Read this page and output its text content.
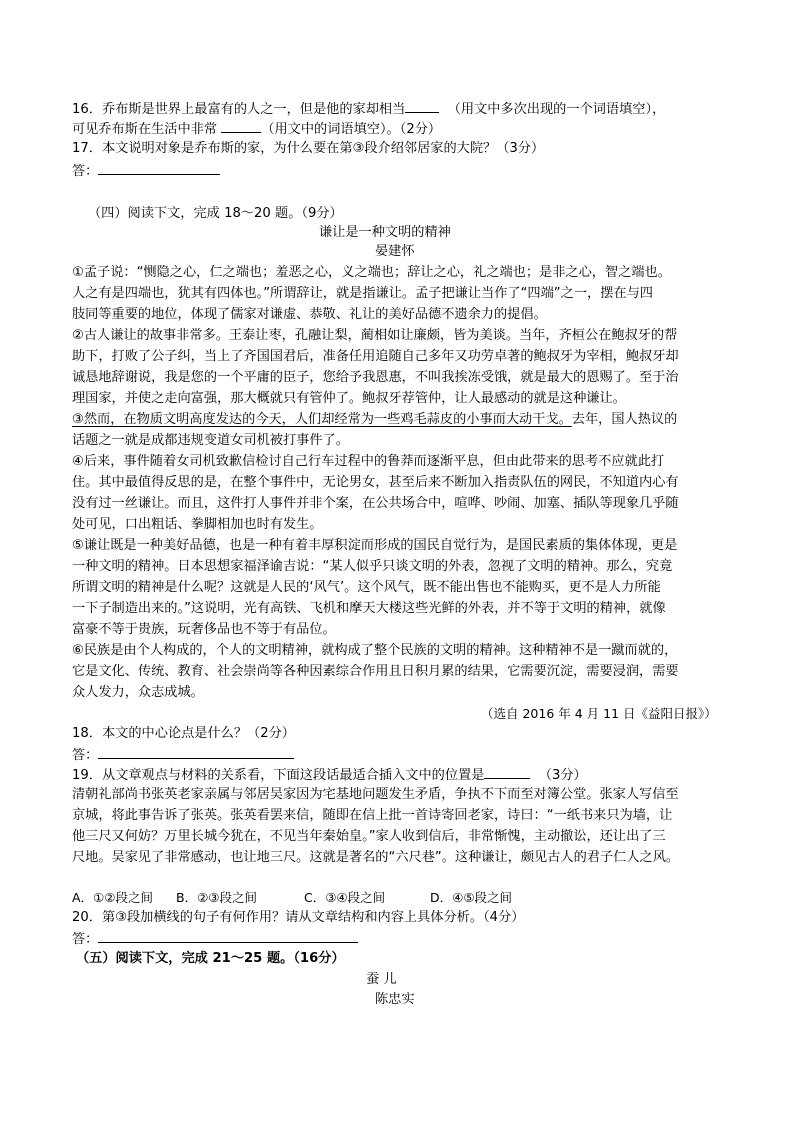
16．乔布斯是世界上最富有的人之一，但是他的家却相当	（用文中多次出现的一个词语填空），
可见乔布斯在生活中非常	（用文中的词语填空）。（2分）
17．本文说明对象是乔布斯的家，为什么要在第③段介绍邻居家的大院？（3分）
答：
（四）阅读下文，完成 18～20 题。（9分）
谦让是一种文明的精神
晏建怀
①孟子说：“恻隐之心，仁之端也；羞恶之心，义之端也；辞让之心，礼之端也；是非之心，智之端也。
人之有是四端也，犹其有四体也。”所谓辞让，就是指谦让。孟子把谦让当作了“四端”之一，摆在与四
肢同等重要的地位，体现了儒家对谦虚、恭敬、礼让的美好品德不遗余力的提倡。
②古人谦让的故事非常多。王泰让枣，孔融让梨，蔺相如让廉颇，皆为美谈。当年，齐桓公在鲍叔牙的帮
助下，打败了公子纠，当上了齐国国君后，准备任用追随自己多年又功劳卓著的鲍叔牙为宰相，鲍叔牙却
诚恳地辞谢说，我是您的一个平庸的臣子，您给予我恩惠，不叫我挨冻受饿，就是最大的恩赐了。至于治
理国家，并使之走向富强，那大概就只有管仲了。鲍叔牙荐管仲，让人最感动的就是这种谦让。
③然而，在物质文明高度发达的今天，人们却经常为一些鸡毛蒜皮的小事而大动干戈。去年，国人热议的
话题之一就是成都违规变道女司机被打事件了。
④后来，事件随着女司机致歉信检讨自己行车过程中的鲁莽而逐渐平息，但由此带来的思考不应就此打
住。其中最值得反思的是，在整个事件中，无论男女，甚至后来不断加入指责队伍的网民，不知道内心有
没有过一丝谦让。而且，这件打人事件并非个案，在公共场合中，喧哗、吵闹、加塞、插队等现象几乎随
处可见，口出粗话、拳脚相加也时有发生。
⑤谦让既是一种美好品德，也是一种有着丰厚积淀而形成的国民自觉行为，是国民素质的集体体现，更是
一种文明的精神。日本思想家福泽谕吉说：“某人似乎只谈文明的外表，忽视了文明的精神。那么，究竟
所谓文明的精神是什么呢？这就是人民的‘风气’。这个风气，既不能出售也不能购买，更不是人力所能
一下子制造出来的。”这说明，光有高铁、飞机和摩天大楼这些光鲜的外表，并不等于文明的精神，就像
富豪不等于贵族，玩奢侈品也不等于有品位。
⑥民族是由个人构成的，个人的文明精神，就构成了整个民族的文明的精神。这种精神不是一蹴而就的，
它是文化、传统、教育、社会崇尚等各种因素综合作用且日积月累的结果，它需要沉淀，需要浸润，需要
众人发力，众志成城。
（选自 2016 年 4 月 11 日《益阳日报》）
18．本文的中心论点是什么？（2分）
答：
19．从文章观点与材料的关系看，下面这段话最适合插入文中的位置是	（3分）
清朝礼部尚书张英老家亲属与邻居吴家因为宅基地问题发生矛盾，争执不下而至对簿公堂。张家人写信至
京城，将此事告诉了张英。张英看罢来信，随即在信上批一首诗寄回老家，诗曰：“一纸书来只为墙，让
他三尺又何妨？万里长城今犹在，不见当年秦始皇。”家人收到信后，非常惭愧，主动撤讼，还让出了三
尺地。吴家见了非常感动，也让地三尺。这就是著名的“六尺巷”。这种谦让，颇见古人的君子仁人之风。
A．①②段之间 B．②③段之间	C．③④段之间	D．④⑤段之间
20．第③段加横线的句子有何作用？请从文章结构和内容上具体分析。（4分）
答：
（五）阅读下文，完成 21～25 题。（16分）
蚕 儿
陈忠实
